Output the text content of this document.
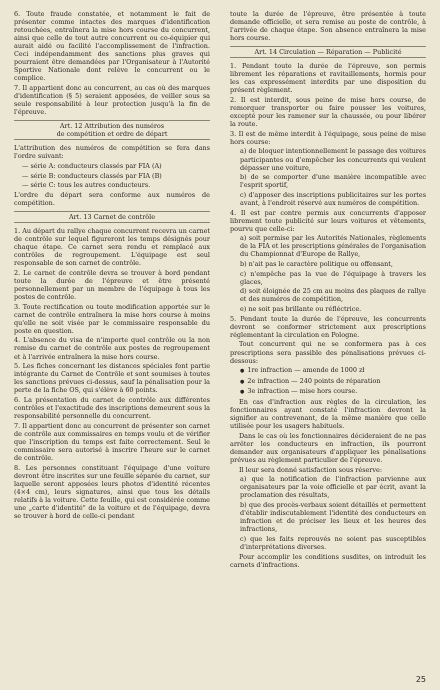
6. Toute fraude constatée, et notamment le fait de présenter comme intactes des marques d'identification retouchées, entraînera la mise hors course du concurrent, ainsi que celle de tout autre concurrent ou co-équipier qui aurait aidé ou facilité l'accomplissement de l'infraction. Ceci indépendamment des sanctions plus graves qui pourraient être demandées par l'Organisateur à l'Autorité Sportive Nationale dont relève le concurrent ou le complice.

7. Il appartient donc au concurrent, au cas où des marques d'identification (§ 5) seraient apposées, de veiller sous sa seule responsabilité à leur protection jusqu'à la fin de l'épreuve.

Art. 12 Attribution des numéros

de compétition et ordre de départ

L'attribution des numéros de compétition se fera dans l'ordre suivant:

— série A: conducteurs classés par FIA (A)

— série B: conducteurs classés par FIA (B)

— série C: tous les autres conducteurs.

L'ordre du départ sera conforme aux numéros de compétition.

Art. 13 Carnet de contrôle

1. Au départ du rallye chaque concurrent recevra un carnet de contrôle sur lequel figureront les temps désignés pour chaque étape. Ce carnet sera rendu et remplacé aux contrôles de regroupement. L'équipage est seul responsable de son carnet de contrôle.

2. Le carnet de contrôle devra se trouver à bord pendant toute la durée de l'épreuve et être présenté personnellement par un membre de l'équipage à tous les postes de contrôle.

3. Toute rectification ou toute modification apportée sur le carnet de contrôle entraînera la mise hors course à moins qu'elle ne soit visée par le commissaire responsable du poste en question.

4. L'absence du visa de n'importe quel contrôle ou la non remise du carnet de contrôle aux postes de regroupement et à l'arrivée entraînera la mise hors course.

5. Les fiches concernant les distances spéciales font partie intégrante du Carnet de Contrôle et sont soumises à toutes les sanctions prévues ci-dessus, sauf la pénalisation pour la perte de la fiche OS, qui s'élève à 60 points.

6. La présentation du carnet de contrôle aux différentes contrôles et l'exactitude des inscriptions demeurent sous la responsabilité personnelle du concurrent.

7. Il appartient donc au concurrent de présenter son carnet de contrôle aux commissaires en temps voulu et de vérifier que l'inscription du temps est faite correctement. Seul le commissaire sera autorisé à inscrire l'heure sur le carnet de contrôle.

8. Les personnes constituant l'équipage d'une voiture devront être inscrites sur une feuille séparée du carnet, sur laquelle seront apposées leurs photos d'identité récentes (4×4 cm), leurs signatures, ainsi que tous les détails relatifs à la voiture. Cette feuille, qui est considérée comme une „carte d'identité" de la voiture et de l'équipage, devra se trouver à bord de celle-ci pendant

toute la durée de l'épreuve, être présentée à toute demande officielle, et sera remise au poste de contrôle, à l'arrivée de chaque étape. Son absence entraînera la mise hors course.

Art. 14 Circulation — Réparation — Publicité

1. Pendant toute la durée de l'épreuve, son permis librement les réparations et ravitaillements, hormis pour les cas expressément interdits par une disposition du présent règlement.

2. Il est interdit, sous peine de mise hors course, de remorquer transporter ou faire pousser les voitures, excepté pour les ramener sur la chaussée, ou pour libérer la route.

3. Il est de même interdit à l'équipage, sous peine de mise hors course:

a) de bloquer intentionnellement le passage des voitures participantes ou d'empêcher les concurrents qui veulent dépasser une voiture,

b) de se comporter d'une manière incompatible avec l'esprit sportif,

c) d'apposer des inscriptions publicitaires sur les portes avant, à l'endroit réservé aux numéros de compétition.

4. Il est par contre permis aux concurrents d'apposer librement toute publicité sur leurs voitures et vêtements, pourvu que celle-ci:

a) soit permise par les Autorités Nationales, règlements de la FIA et les prescriptions générales de l'organisation du Championnat d'Europe de Rallye,

b) n'ait pas le caractère politique ou offensant,

c) n'empêche pas la vue de l'équipage à travers les glaces,

d) soit éloignée de 25 cm au moins des plaques de rallye et des numéros de compétition,

e) ne soit pas brillante ou réfléctrice.

5. Pendant toute la durée de l'épreuve, les concurrents devront se conformer strictement aux prescriptions réglementant la circulation en Pologne.

Tout concurrent qui ne se conformera pas à ces prescriptions sera passible des pénalisations prévues ci-dessous:

● 1re infraction — amende de 1000 zł

● 2e infraction — 240 points de réparation

● 3e infraction — mise hors course.

En cas d'infraction aux règles de la circulation, les fonctionnaires ayant constaté l'infraction devront la signifier au contrevenant, de la même manière que celle utilisée pour les usagers habituels.

Dans le cas où les fonctionnaires décideraient de ne pas arrêter les conducteurs en infraction, ils pourront demander aux organisateurs d'appliquer les pénalisations prévues au règlement particulier de l'épreuve.

Il leur sera donné satisfaction sous réserve:

a) que la notification de l'infraction parvienne aux organisateurs par la voie officielle et par écrit, avant la proclamation des résultats,

b) que des procès-verbaux soient détaillés et permettent d'établir indiscutablement l'identité des conducteurs en infraction et de préciser les lieux et les heures des infractions,

c) que les faits reprouvés ne soient pas susceptibles d'interprétations diverses.

Pour accomplir les conditions susdites, on introduit les carnets d'infractions.

25
